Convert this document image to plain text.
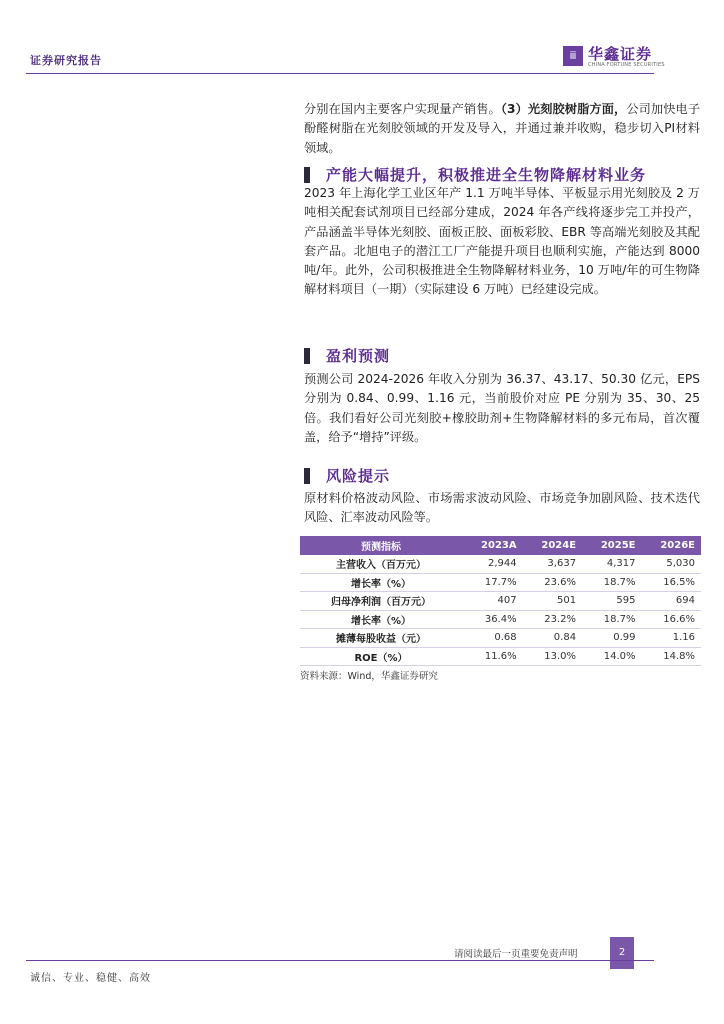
证券研究报告	ⅲ 华鑫证券
CHINA FORTUNE SECURITIES

分别在国内主要客户实现量产销售。（3）光刻胶树脂方面，公司加快电子酚醛树脂在光刻胶领域的开发及导入，并通过兼并收购，稳步切入PI材料领域。

产能大幅提升，积极推进全生物降解材料业务

2023 年上海化学工业区年产 1.1 万吨半导体、平板显示用光刻胶及 2 万吨相关配套试剂项目已经部分建成，2024 年各产线将逐步完工并投产，产品涵盖半导体光刻胶、面板正胶、面板彩胶、EBR 等高端光刻胶及其配套产品。北旭电子的潜江工厂产能提升项目也顺利实施，产能达到 8000 吨/年。此外，公司积极推进全生物降解材料业务，10 万吨/年的可生物降解材料项目（一期）（实际建设 6 万吨）已经建设完成。

盈利预测

预测公司 2024-2026 年收入分别为 36.37、43.17、50.30 亿元，EPS 分别为 0.84、0.99、1.16 元，当前股价对应 PE 分别为 35、30、25 倍。我们看好公司光刻胶+橡胶助剂+生物降解材料的多元布局，首次覆盖，给予“增持”评级。

风险提示

原材料价格波动风险、市场需求波动风险、市场竞争加剧风险、技术迭代风险、汇率波动风险等。

预测指标	2023A	2024E	2025E	2026E
主营收入（百万元）	2,944	3,637	4,317	5,030
增长率（%）	17.7%	23.6%	18.7%	16.5%
归母净利润（百万元）	407	501	595	694
增长率（%）	36.4%	23.2%	18.7%	16.6%
摊薄每股收益（元）	0.68	0.84	0.99	1.16
ROE（%）	11.6%	13.0%	14.0%	14.8%
资料来源：Wind，华鑫证券研究
请阅读最后一页重要免责声明	2
诚信、专业、稳健、高效
